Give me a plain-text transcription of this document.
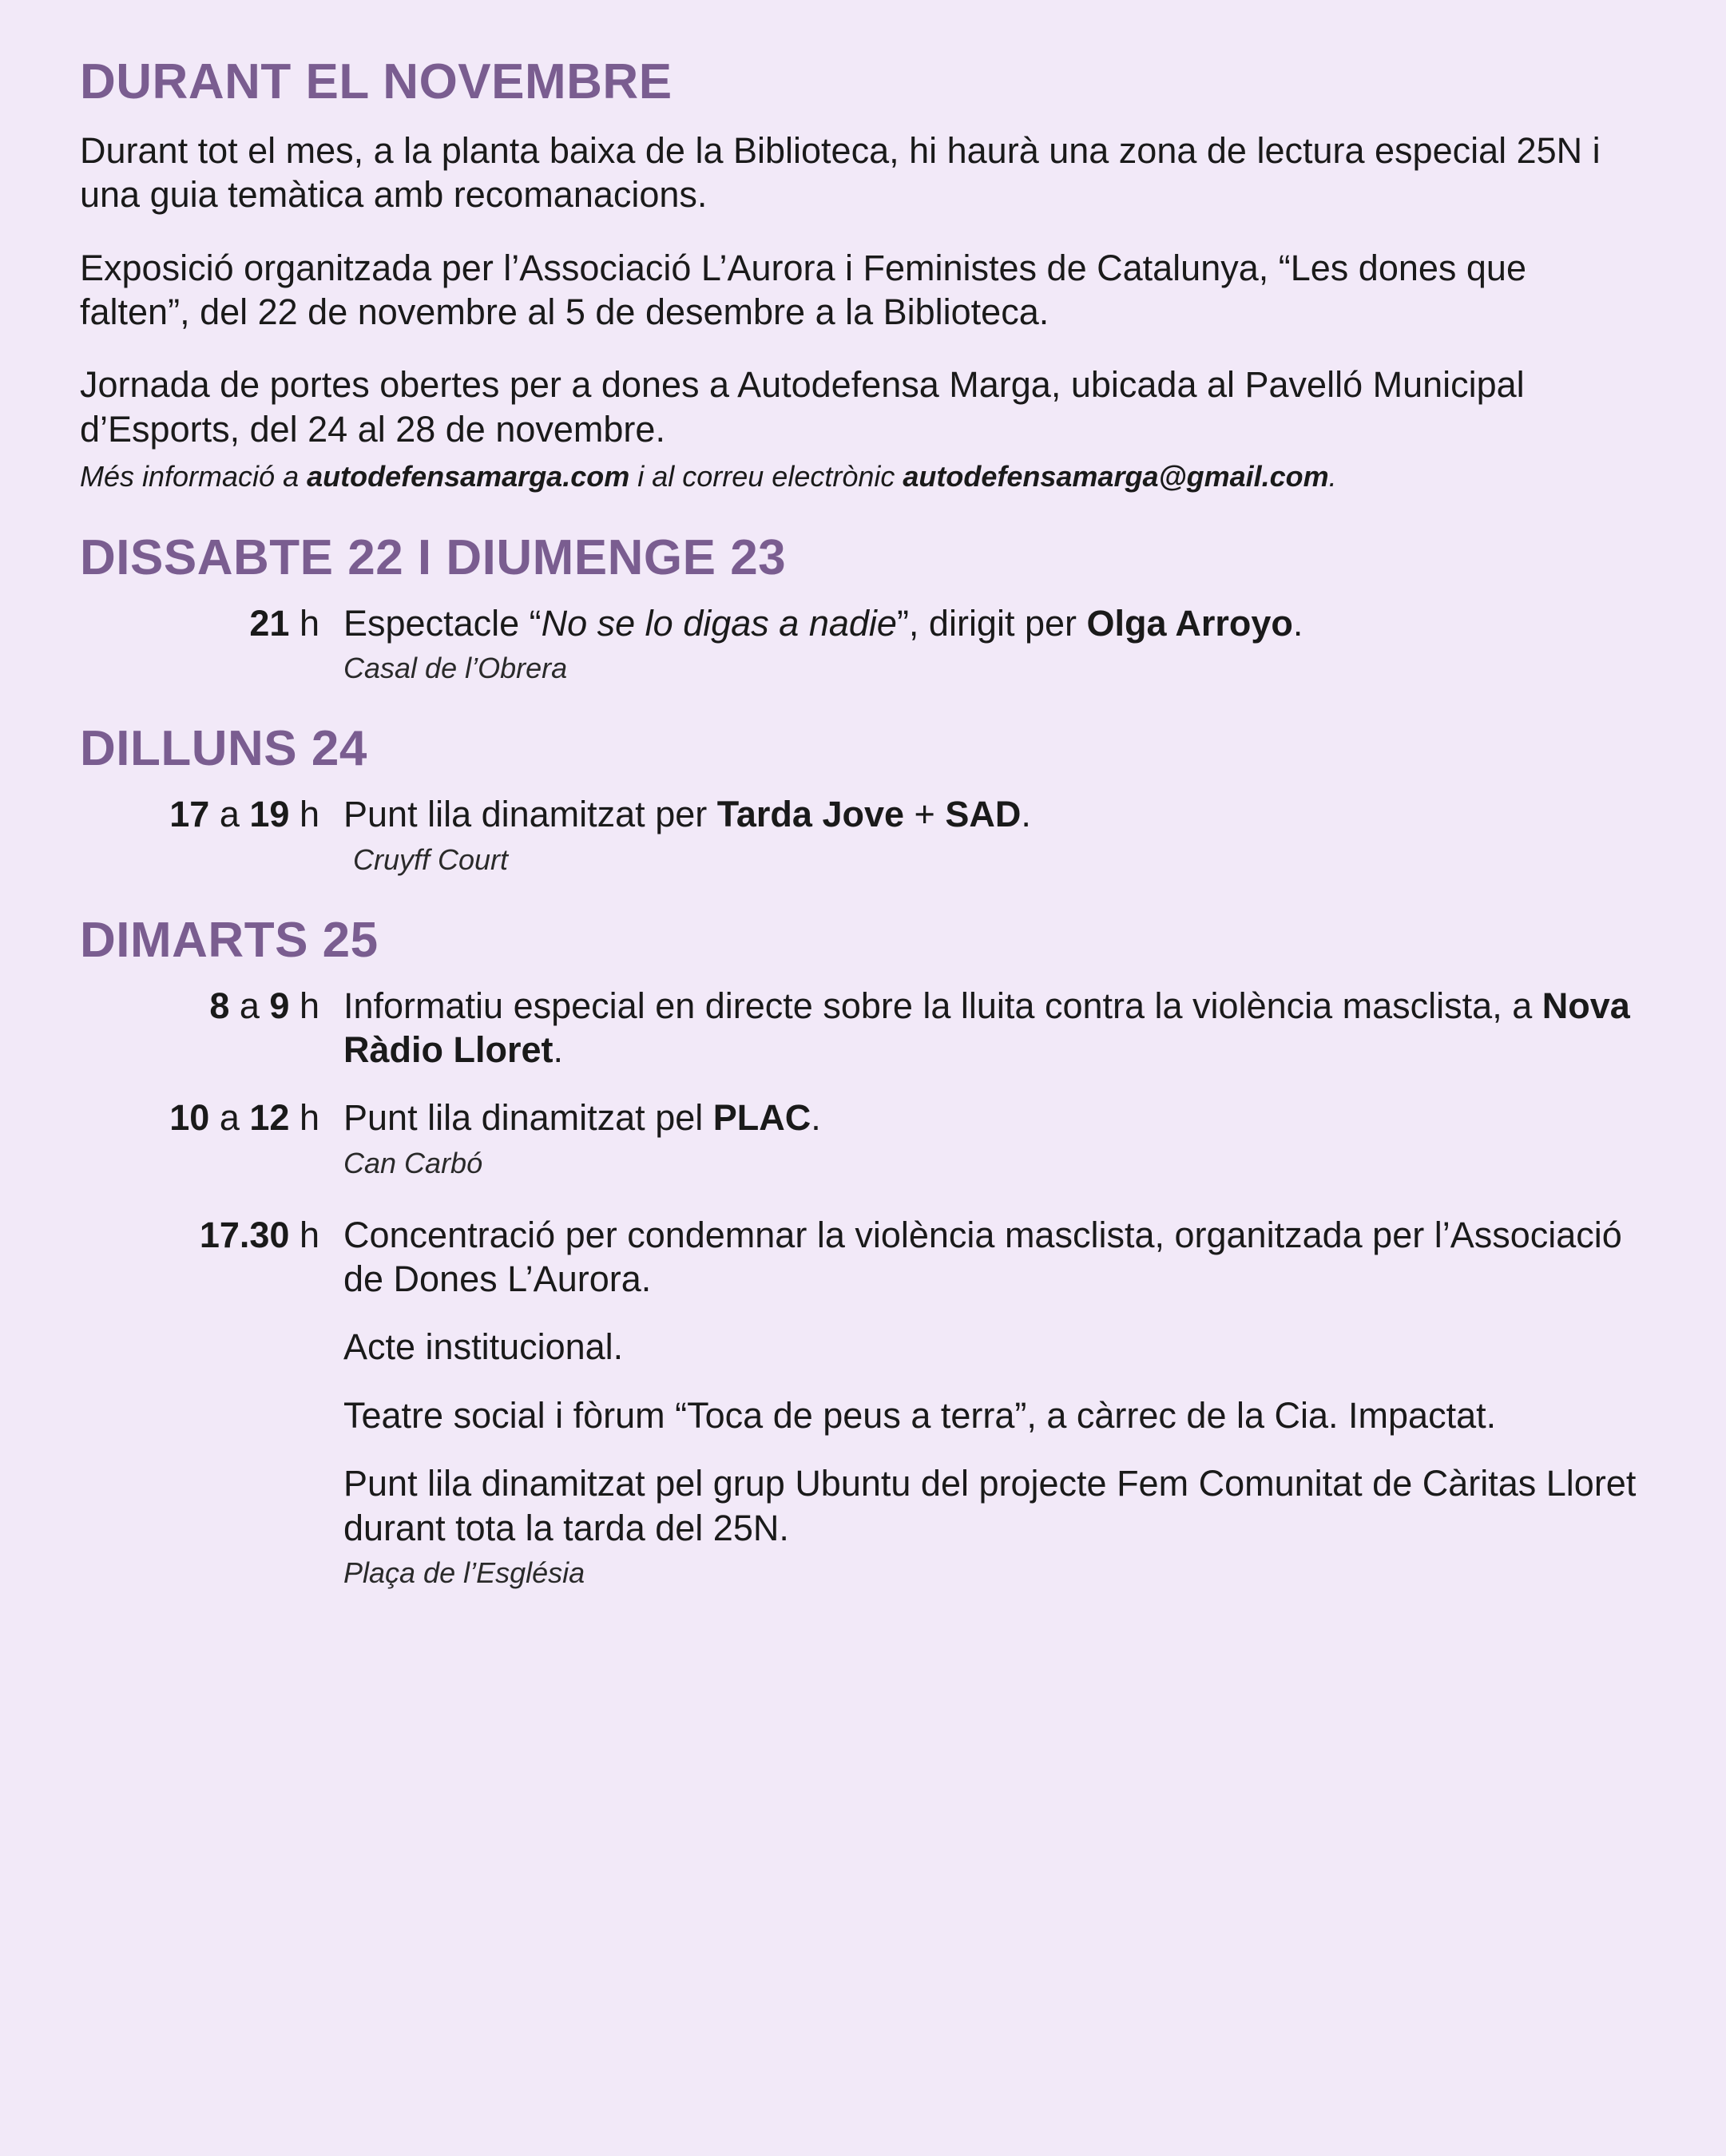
DURANT EL NOVEMBRE

Durant tot el mes, a la planta baixa de la Biblioteca, hi haurà una zona de lectura especial 25N i una guia temàtica amb recomanacions.

Exposició organitzada per l’Associació L’Aurora i Feministes de Catalunya, “Les dones que falten”, del 22 de novembre al 5 de desembre a la Biblioteca.

Jornada de portes obertes per a dones a Autodefensa Marga, ubicada al Pavelló Municipal d’Esports, del 24 al 28 de novembre.

Més informació a autodefensamarga.com i al correu electrònic autodefensamarga@gmail.com.

DISSABTE 22 I DIUMENGE 23
21 h Espectacle “No se lo digas a nadie”, dirigit per Olga Arroyo.
Casal de l’Obrera
DILLUNS 24
17 a 19 h Punt lila dinamitzat per Tarda Jove + SAD.
Cruyff Court
DIMARTS 25
8 a 9 h Informatiu especial en directe sobre la lluita contra la violència masclista, a Nova Ràdio Lloret.
10 a 12 h Punt lila dinamitzat pel PLAC.
Can Carbó
17.30 h Concentració per condemnar la violència masclista, organitzada per l’Associació de Dones L’Aurora.
Acte institucional.
Teatre social i fòrum “Toca de peus a terra”, a càrrec de la Cia. Impactat.
Punt lila dinamitzat pel grup Ubuntu del projecte Fem Comunitat de Càritas Lloret durant tota la tarda del 25N.
Plaça de l’Església
